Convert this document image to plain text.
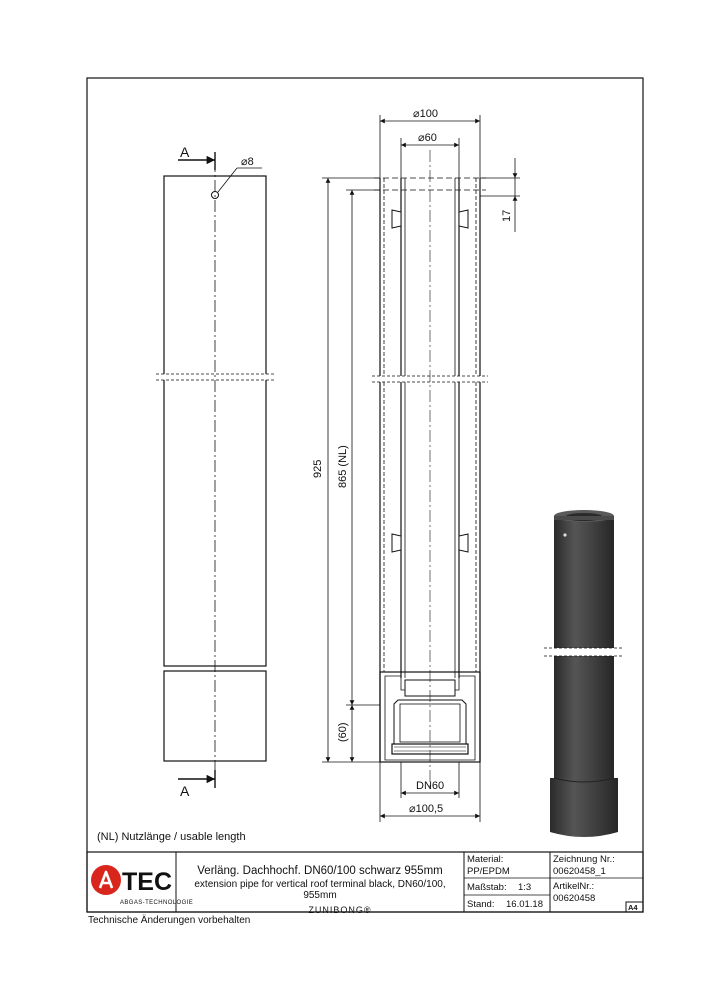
A
A
⌀8
⌀100
⌀60
17
925 865 (NL)
(60)
DN60
⌀100,5
(NL) Nutzlänge / usable length
TEC
ABGAS-TECHNOLOGIE
Verläng. Dachhochf. DN60/100 schwarz 955mm
extension pipe for vertical roof terminal black, DN60/100,
955mm
ZUNIBONG®
Material:
PP/EPDM
Maßstab: 1:3
Stand: 16.01.18
Zeichnung Nr.:
00620458_1
ArtikelNr.:
00620458
A4
Technische Änderungen vorbehalten
